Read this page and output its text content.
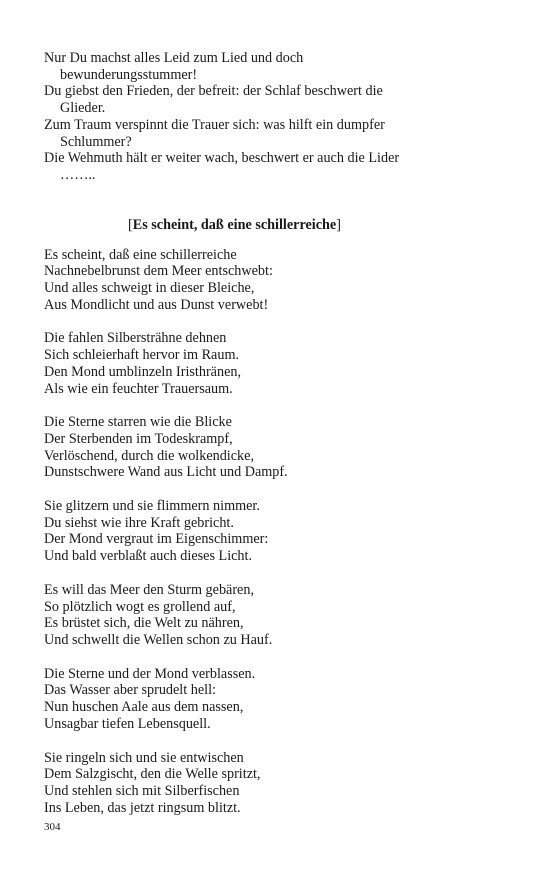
Nur Du machst alles Leid zum Lied und doch
bewunderungsstummer!
Du giebst den Frieden, der befreit: der Schlaf beschwert die
Glieder.
Zum Traum verspinnt die Trauer sich: was hilft ein dumpfer
Schlummer?
Die Wehmuth hält er weiter wach, beschwert er auch die Lider
……..
[Es scheint, daß eine schillerreiche]
Es scheint, daß eine schillerreiche
Nachnebelbrunst dem Meer entschwebt:
Und alles schweigt in dieser Bleiche,
Aus Mondlicht und aus Dunst verwebt!
Die fahlen Silbersträhne dehnen
Sich schleierhaft hervor im Raum.
Den Mond umblinzeln Iristhränen,
Als wie ein feuchter Trauersaum.
Die Sterne starren wie die Blicke
Der Sterbenden im Todeskrampf,
Verlöschend, durch die wolkendicke,
Dunstschwere Wand aus Licht und Dampf.
Sie glitzern und sie flimmern nimmer.
Du siehst wie ihre Kraft gebricht.
Der Mond vergraut im Eigenschimmer:
Und bald verblaßt auch dieses Licht.
Es will das Meer den Sturm gebären,
So plötzlich wogt es grollend auf,
Es brüstet sich, die Welt zu nähren,
Und schwellt die Wellen schon zu Hauf.
Die Sterne und der Mond verblassen.
Das Wasser aber sprudelt hell:
Nun huschen Aale aus dem nassen,
Unsagbar tiefen Lebensquell.
Sie ringeln sich und sie entwischen
Dem Salzgischt, den die Welle spritzt,
Und stehlen sich mit Silberfischen
Ins Leben, das jetzt ringsum blitzt.
304
